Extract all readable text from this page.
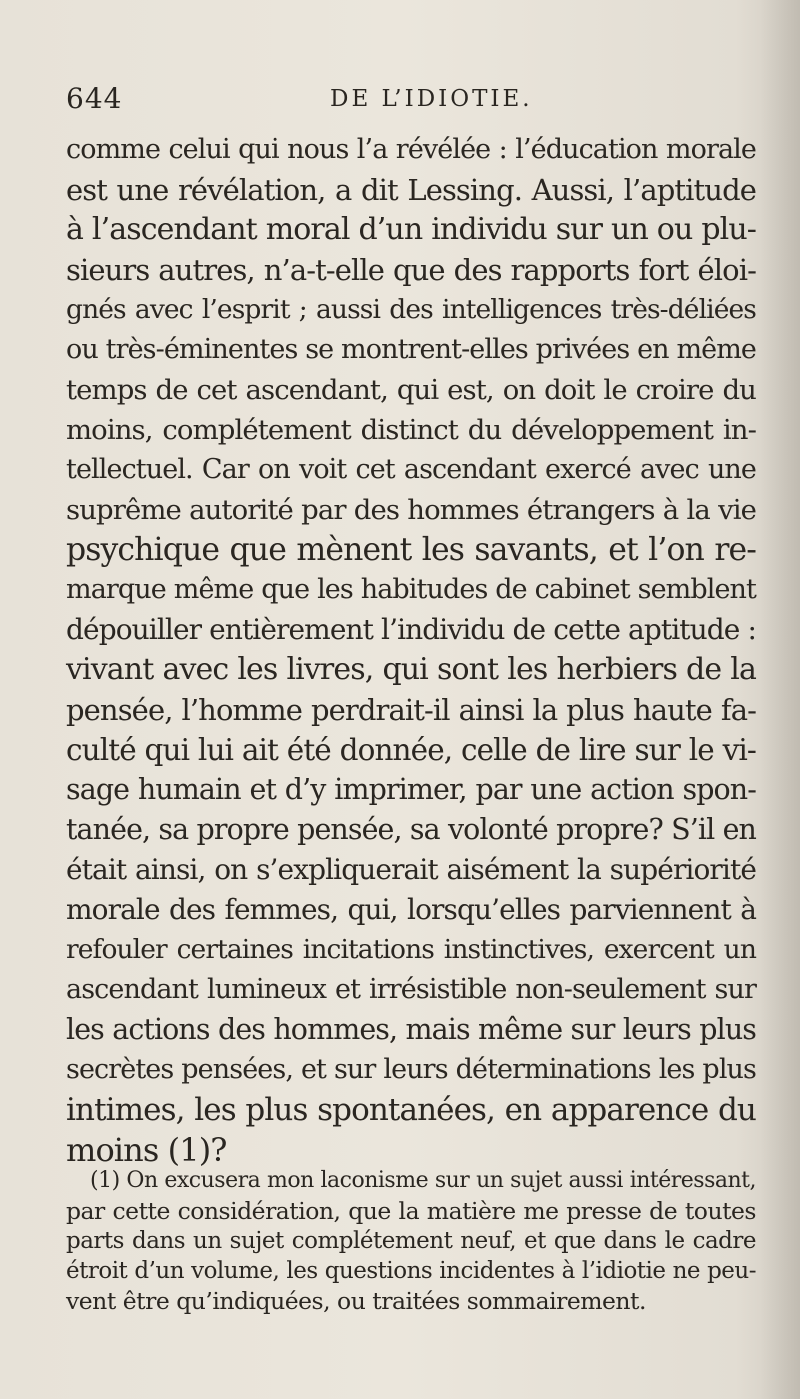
644	DE L’IDIOTIE.
comme celui qui nous l’a révélée : l’éducation morale
est une révélation, a dit Lessing. Aussi, l’aptitude
à l’ascendant moral d’un individu sur un ou plu-
sieurs autres, n’a-t-elle que des rapports fort éloi-
gnés avec l’esprit ; aussi des intelligences très-déliées
ou très-éminentes se montrent-elles privées en même
temps de cet ascendant, qui est, on doit le croire du
moins, complétement distinct du développement in-
tellectuel. Car on voit cet ascendant exercé avec une
suprême autorité par des hommes étrangers à la vie
psychique que mènent les savants, et l’on re-
marque même que les habitudes de cabinet semblent
dépouiller entièrement l’individu de cette aptitude :
vivant avec les livres, qui sont les herbiers de la
pensée, l’homme perdrait-il ainsi la plus haute fa-
culté qui lui ait été donnée, celle de lire sur le vi-
sage humain et d’y imprimer, par une action spon-
tanée, sa propre pensée, sa volonté propre? S’il en
était ainsi, on s’expliquerait aisément la supériorité
morale des femmes, qui, lorsqu’elles parviennent à
refouler certaines incitations instinctives, exercent un
ascendant lumineux et irrésistible non-seulement sur
les actions des hommes, mais même sur leurs plus
secrètes pensées, et sur leurs déterminations les plus
intimes, les plus spontanées, en apparence du
moins (1)?
(1) On excusera mon laconisme sur un sujet aussi intéressant,
par cette considération, que la matière me presse de toutes
parts dans un sujet complétement neuf, et que dans le cadre
étroit d’un volume, les questions incidentes à l’idiotie ne peu-
vent être qu’indiquées, ou traitées sommairement.
